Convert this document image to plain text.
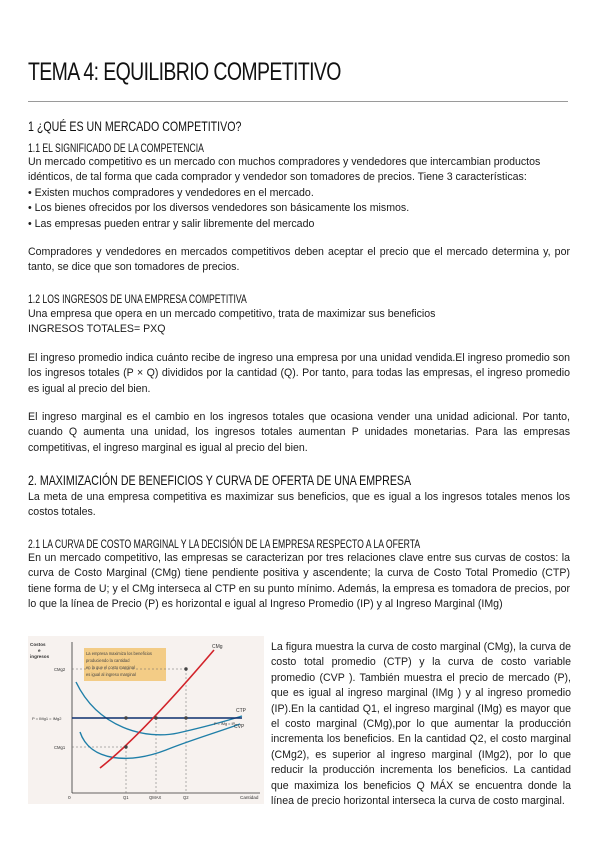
TEMA 4: EQUILIBRIO COMPETITIVO
1 ¿QUÉ ES UN MERCADO COMPETITIVO?
1.1 EL SIGNIFICADO DE LA COMPETENCIA
Un mercado competitivo es un mercado con muchos compradores y vendedores que intercambian productos
idénticos, de tal forma que cada comprador y vendedor son tomadores de precios. Tiene 3 características:
• Existen muchos compradores y vendedores en el mercado.
• Los bienes ofrecidos por los diversos vendedores son básicamente los mismos.
• Las empresas pueden entrar y salir libremente del mercado
Compradores y vendedores en mercados competitivos deben aceptar el precio que el mercado determina y, por tanto, se dice que son tomadores de precios.
1.2 LOS INGRESOS DE UNA EMPRESA COMPETITIVA
Una empresa que opera en un mercado competitivo, trata de maximizar sus beneficios
INGRESOS TOTALES= PXQ
El ingreso promedio indica cuánto recibe de ingreso una empresa por una unidad vendida.El ingreso promedio son los ingresos totales (P × Q) divididos por la cantidad (Q). Por tanto, para todas las empresas, el ingreso promedio es igual al precio del bien.
El ingreso marginal es el cambio en los ingresos totales que ocasiona vender una unidad adicional. Por tanto, cuando Q aumenta una unidad, los ingresos totales aumentan P unidades monetarias. Para las empresas competitivas, el ingreso marginal es igual al precio del bien.
2. MAXIMIZACIÓN DE BENEFICIOS Y CURVA DE OFERTA DE UNA EMPRESA
La meta de una empresa competitiva es maximizar sus beneficios, que es igual a los ingresos totales menos los costos totales.
2.1 LA CURVA DE COSTO MARGINAL Y LA DECISIÓN DE LA EMPRESA RESPECTO A LA OFERTA
En un mercado competitivo, las empresas se caracterizan por tres relaciones clave entre sus curvas de costos: la curva de Costo Marginal (CMg) tiene pendiente positiva y ascendente; la curva de Costo Total Promedio (CTP) tiene forma de U; y el CMg interseca al CTP en su punto mínimo. Además, la empresa es tomadora de precios, por lo que la línea de Precio (P) es horizontal e igual al Ingreso Promedio (IP) y al Ingreso Marginal (IMg)
Costos
e
ingresos
Cantidad
0
La empresa maximiza los beneficios
produciendo la cantidad
en la que el costo marginal
es igual al ingreso marginal
CMg
CTP
CVP
P = IMg = IP
CMg2
P = IMg1 = IMg2
CMg1
Q1	QMAX	Q2
La figura muestra la curva de costo marginal (CMg), la curva de costo total promedio (CTP) y la curva de costo variable promedio (CVP ). También muestra el precio de mercado (P), que es igual al ingreso marginal (IMg ) y al ingreso promedio (IP).En la cantidad Q1, el ingreso marginal (IMg) es mayor que el costo marginal (CMg),por lo que aumentar la producción incrementa los beneficios. En la cantidad Q2, el costo marginal (CMg2), es superior al ingreso marginal (IMg2), por lo que reducir la producción incrementa los beneficios. La cantidad que maximiza los beneficios Q MÁX se encuentra donde la línea de precio horizontal interseca la curva de costo marginal.
